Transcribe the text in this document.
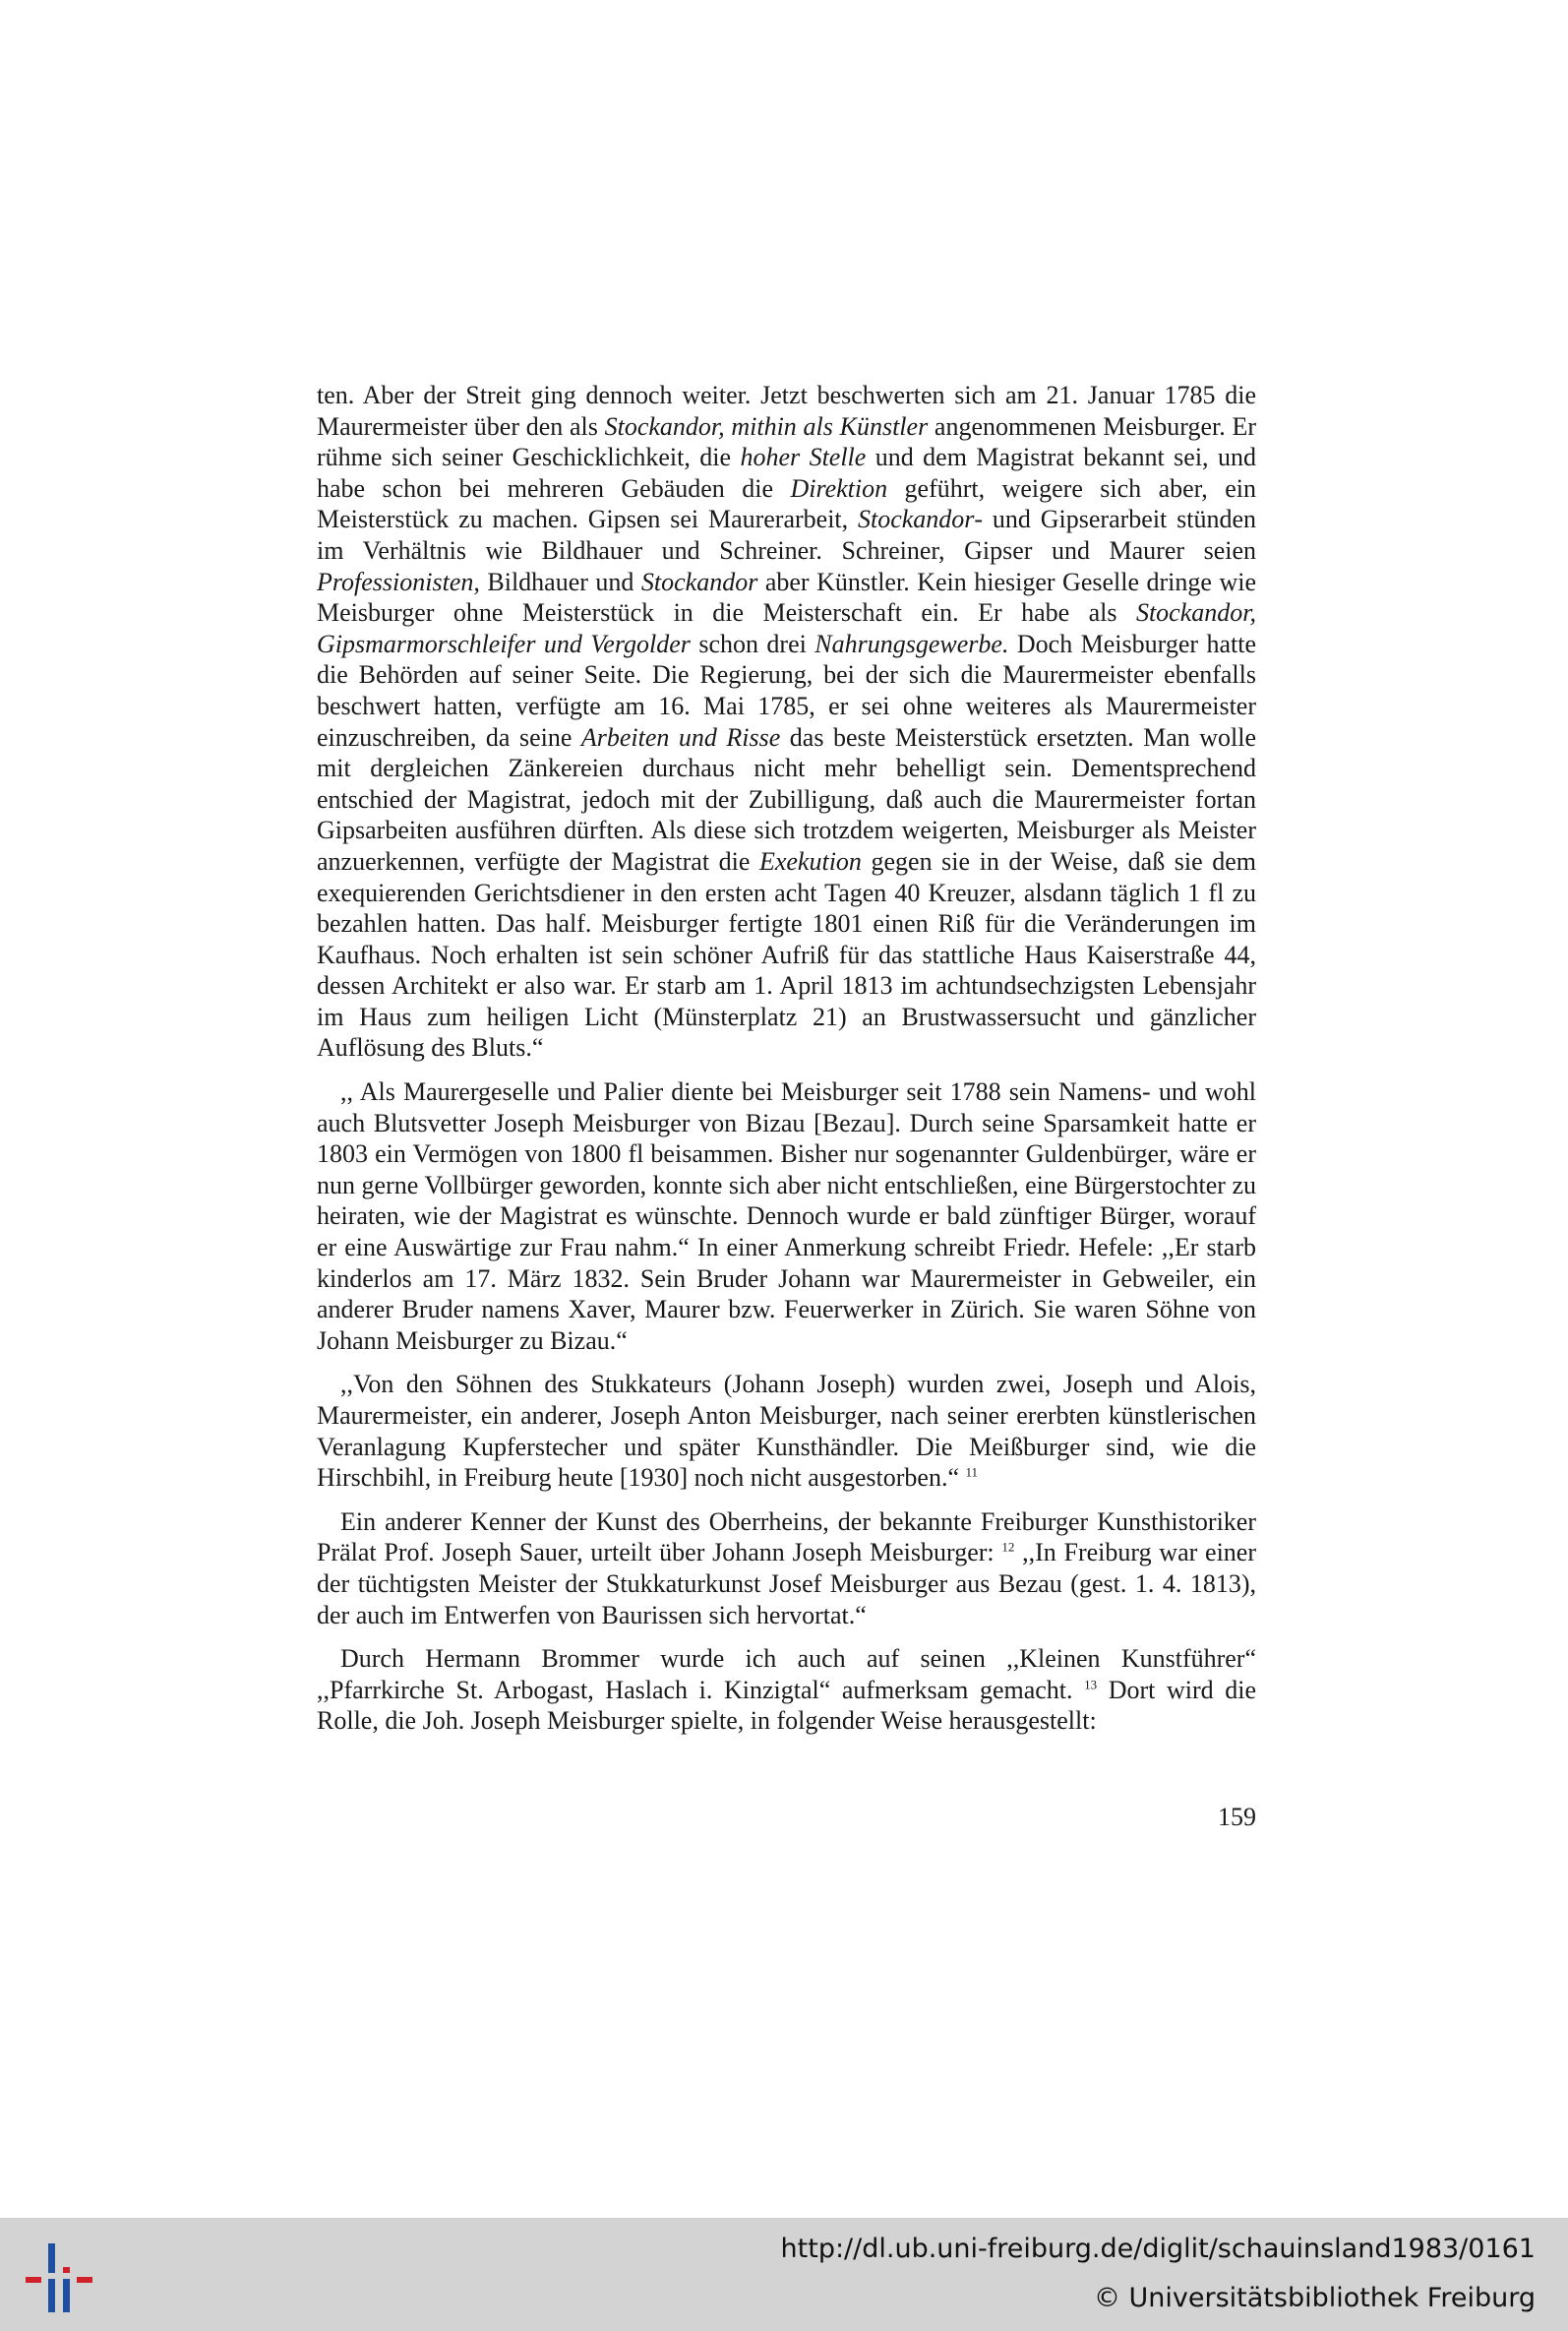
ten. Aber der Streit ging dennoch weiter. Jetzt beschwerten sich am 21. Januar 1785 die Maurermeister über den als Stockandor, mithin als Künstler angenommenen Meisburger. Er rühme sich seiner Geschicklichkeit, die hoher Stelle und dem Magistrat bekannt sei, und habe schon bei mehreren Gebäuden die Direktion geführt, weigere sich aber, ein Meisterstück zu machen. Gipsen sei Maurerarbeit, Stockandor- und Gipserarbeit stünden im Verhältnis wie Bildhauer und Schreiner. Schreiner, Gipser und Maurer seien Professionisten, Bildhauer und Stockandor aber Künstler. Kein hiesiger Geselle dringe wie Meisburger ohne Meisterstück in die Meisterschaft ein. Er habe als Stockandor, Gipsmarmorschleifer und Vergolder schon drei Nahrungsgewerbe. Doch Meisburger hatte die Behörden auf seiner Seite. Die Regierung, bei der sich die Maurermeister ebenfalls beschwert hatten, verfügte am 16. Mai 1785, er sei ohne weiteres als Maurermeister einzuschreiben, da seine Arbeiten und Risse das beste Meisterstück ersetzten. Man wolle mit dergleichen Zänkereien durchaus nicht mehr behelligt sein. Dementsprechend entschied der Magistrat, jedoch mit der Zubilligung, daß auch die Maurermeister fortan Gipsarbeiten ausführen dürften. Als diese sich trotzdem weigerten, Meisburger als Meister anzuerkennen, verfügte der Magistrat die Exekution gegen sie in der Weise, daß sie dem exequierenden Gerichtsdiener in den ersten acht Tagen 40 Kreuzer, alsdann täglich 1 fl zu bezahlen hatten. Das half. Meisburger fertigte 1801 einen Riß für die Veränderungen im Kaufhaus. Noch erhalten ist sein schöner Aufriß für das stattliche Haus Kaiserstraße 44, dessen Architekt er also war. Er starb am 1. April 1813 im achtundsechzigsten Lebensjahr im Haus zum heiligen Licht (Münsterplatz 21) an Brustwassersucht und gänzlicher Auflösung des Bluts.“

,, Als Maurergeselle und Palier diente bei Meisburger seit 1788 sein Namens- und wohl auch Blutsvetter Joseph Meisburger von Bizau [Bezau]. Durch seine Sparsamkeit hatte er 1803 ein Vermögen von 1800 fl beisammen. Bisher nur sogenannter Guldenbürger, wäre er nun gerne Vollbürger geworden, konnte sich aber nicht entschließen, eine Bürgerstochter zu heiraten, wie der Magistrat es wünschte. Dennoch wurde er bald zünftiger Bürger, worauf er eine Auswärtige zur Frau nahm.“ In einer Anmerkung schreibt Friedr. Hefele: ,,Er starb kinderlos am 17. März 1832. Sein Bruder Johann war Maurermeister in Gebweiler, ein anderer Bruder namens Xaver, Maurer bzw. Feuerwerker in Zürich. Sie waren Söhne von Johann Meisburger zu Bizau.“

,,Von den Söhnen des Stukkateurs (Johann Joseph) wurden zwei, Joseph und Alois, Maurermeister, ein anderer, Joseph Anton Meisburger, nach seiner ererbten künstlerischen Veranlagung Kupferstecher und später Kunsthändler. Die Meißburger sind, wie die Hirschbihl, in Freiburg heute [1930] noch nicht ausgestorben.“ $^{11}$

Ein anderer Kenner der Kunst des Oberrheins, der bekannte Freiburger Kunsthistoriker Prälat Prof. Joseph Sauer, urteilt über Johann Joseph Meisburger: $^{12}$ ,,In Freiburg war einer der tüchtigsten Meister der Stukkaturkunst Josef Meisburger aus Bezau (gest. 1. 4. 1813), der auch im Entwerfen von Baurissen sich hervortat.“

Durch Hermann Brommer wurde ich auch auf seinen ,,Kleinen Kunstführer“ ,,Pfarrkirche St. Arbogast, Haslach i. Kinzigtal“ aufmerksam gemacht. $^{13}$ Dort wird die Rolle, die Joh. Joseph Meisburger spielte, in folgender Weise herausgestellt:

159
http://dl.ub.uni-freiburg.de/diglit/schauinsland1983/0161
© Universitätsbibliothek Freiburg
